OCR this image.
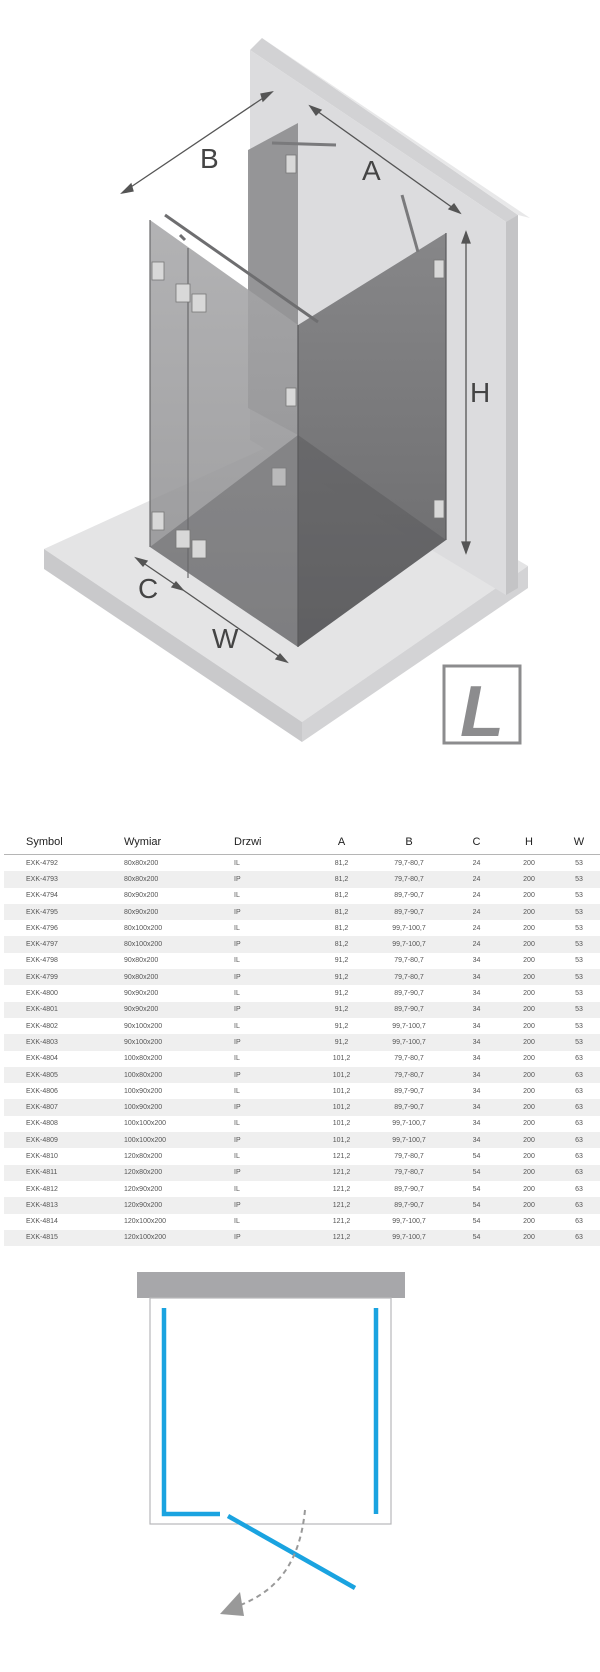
B	A
H
C
W
L
Symbol	Wymiar	Drzwi	A	B	C	H	W
EXK-4792	80x80x200	IL	81,2	79,7-80,7	24	200	53
EXK-4793	80x80x200	IP	81,2	79,7-80,7	24	200	53
EXK-4794	80x90x200	IL	81,2	89,7-90,7	24	200	53
EXK-4795	80x90x200	IP	81,2	89,7-90,7	24	200	53
EXK-4796	80x100x200	IL	81,2	99,7-100,7	24	200	53
EXK-4797	80x100x200	IP	81,2	99,7-100,7	24	200	53
EXK-4798	90x80x200	IL	91,2	79,7-80,7	34	200	53
EXK-4799	90x80x200	IP	91,2	79,7-80,7	34	200	53
EXK-4800	90x90x200	IL	91,2	89,7-90,7	34	200	53
EXK-4801	90x90x200	IP	91,2	89,7-90,7	34	200	53
EXK-4802	90x100x200	IL	91,2	99,7-100,7	34	200	53
EXK-4803	90x100x200	IP	91,2	99,7-100,7	34	200	53
EXK-4804	100x80x200	IL	101,2	79,7-80,7	34	200	63
EXK-4805	100x80x200	IP	101,2	79,7-80,7	34	200	63
EXK-4806	100x90x200	IL	101,2	89,7-90,7	34	200	63
EXK-4807	100x90x200	IP	101,2	89,7-90,7	34	200	63
EXK-4808	100x100x200	IL	101,2	99,7-100,7	34	200	63
EXK-4809	100x100x200	IP	101,2	99,7-100,7	34	200	63
EXK-4810	120x80x200	IL	121,2	79,7-80,7	54	200	63
EXK-4811	120x80x200	IP	121,2	79,7-80,7	54	200	63
EXK-4812	120x90x200	IL	121,2	89,7-90,7	54	200	63
EXK-4813	120x90x200	IP	121,2	89,7-90,7	54	200	63
EXK-4814	120x100x200	IL	121,2	99,7-100,7	54	200	63
EXK-4815	120x100x200	IP	121,2	99,7-100,7	54	200	63
